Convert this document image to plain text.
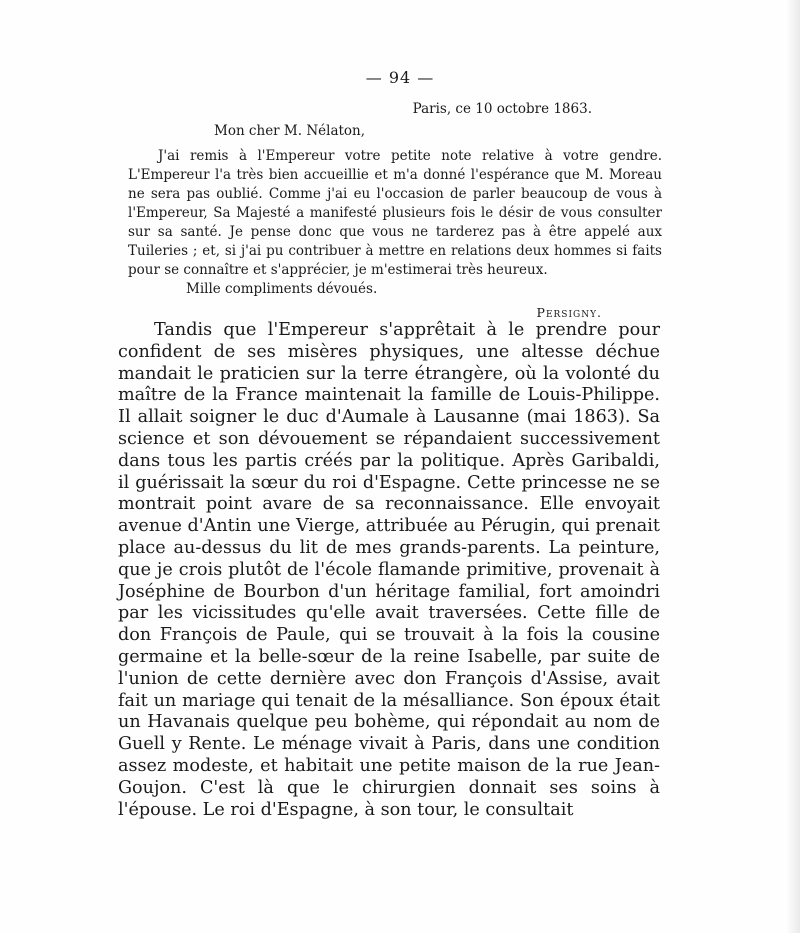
— 94 —

Paris, ce 10 octobre 1863.

Mon cher M. Nélaton,

J'ai remis à l'Empereur votre petite note relative à votre gendre. L'Empereur l'a très bien accueillie et m'a donné l'espérance que M. Moreau ne sera pas oublié. Comme j'ai eu l'occasion de parler beaucoup de vous à l'Empereur, Sa Majesté a manifesté plusieurs fois le désir de vous consulter sur sa santé. Je pense donc que vous ne tarderez pas à être appelé aux Tuileries ; et, si j'ai pu contribuer à mettre en relations deux hommes si faits pour se connaître et s'apprécier, je m'estimerai très heureux.

Mille compliments dévoués.

Persigny.

Tandis que l'Empereur s'apprêtait à le prendre pour confident de ses misères physiques, une altesse déchue mandait le praticien sur la terre étrangère, où la volonté du maître de la France maintenait la famille de Louis-Philippe. Il allait soigner le duc d'Aumale à Lausanne (mai 1863). Sa science et son dévouement se répandaient successivement dans tous les partis créés par la politique. Après Garibaldi, il guérissait la sœur du roi d'Espagne. Cette princesse ne se montrait point avare de sa reconnaissance. Elle envoyait avenue d'Antin une Vierge, attribuée au Pérugin, qui prenait place au-dessus du lit de mes grands-parents. La peinture, que je crois plutôt de l'école flamande primitive, provenait à Joséphine de Bourbon d'un héritage familial, fort amoindri par les vicissitudes qu'elle avait traversées. Cette fille de don François de Paule, qui se trouvait à la fois la cousine germaine et la belle-sœur de la reine Isabelle, par suite de l'union de cette dernière avec don François d'Assise, avait fait un mariage qui tenait de la mésalliance. Son époux était un Havanais quelque peu bohème, qui répondait au nom de Guell y Rente. Le ménage vivait à Paris, dans une condition assez modeste, et habitait une petite maison de la rue Jean-Goujon. C'est là que le chirurgien donnait ses soins à l'épouse. Le roi d'Espagne, à son tour, le consultait
